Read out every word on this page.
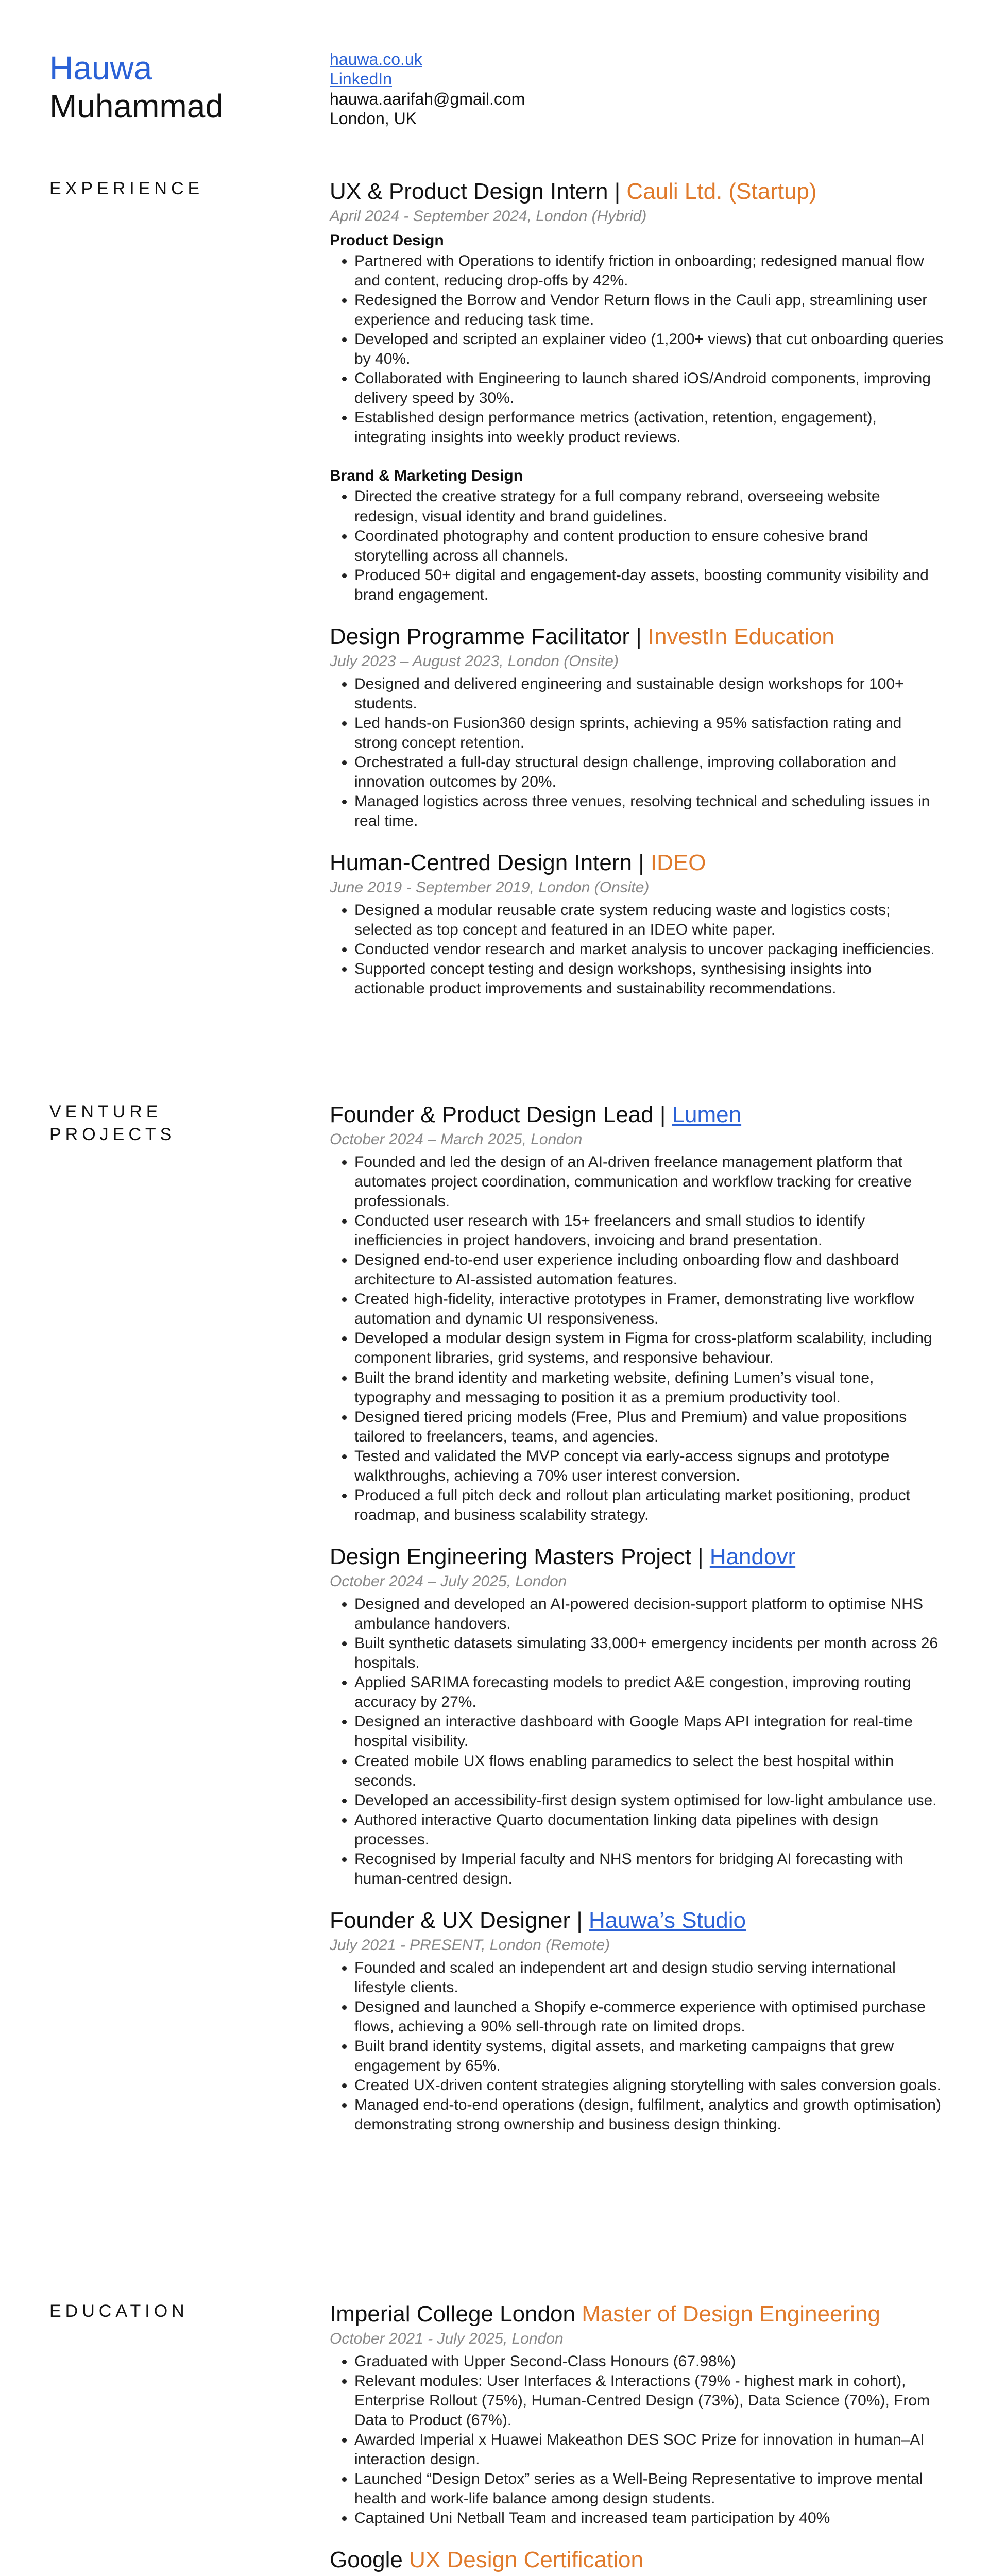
Hauwa
Muhammad
hauwa.co.uk
LinkedIn
hauwa.aarifah@gmail.com
London, UK
EXPERIENCE	UX & Product Design Intern | Cauli Ltd. (Startup)
April 2024 - September 2024, London (Hybrid)
Product Design
• Partnered with Operations to identify friction in onboarding; redesigned manual flow and content, reducing drop-offs by 42%.
• Redesigned the Borrow and Vendor Return flows in the Cauli app, streamlining user experience and reducing task time.
• Developed and scripted an explainer video (1,200+ views) that cut onboarding queries by 40%.
• Collaborated with Engineering to launch shared iOS/Android components, improving delivery speed by 30%.
• Established design performance metrics (activation, retention, engagement), integrating insights into weekly product reviews.
Brand & Marketing Design
• Directed the creative strategy for a full company rebrand, overseeing website redesign, visual identity and brand guidelines.
• Coordinated photography and content production to ensure cohesive brand storytelling across all channels.
• Produced 50+ digital and engagement-day assets, boosting community visibility and brand engagement.
Design Programme Facilitator | InvestIn Education
July 2023 – August 2023, London (Onsite)
• Designed and delivered engineering and sustainable design workshops for 100+ students.
• Led hands-on Fusion360 design sprints, achieving a 95% satisfaction rating and strong concept retention.
• Orchestrated a full-day structural design challenge, improving collaboration and innovation outcomes by 20%.
• Managed logistics across three venues, resolving technical and scheduling issues in real time.
Human-Centred Design Intern | IDEO
June 2019 - September 2019, London (Onsite)
• Designed a modular reusable crate system reducing waste and logistics costs; selected as top concept and featured in an IDEO white paper.
• Conducted vendor research and market analysis to uncover packaging inefficiencies.
• Supported concept testing and design workshops, synthesising insights into actionable product improvements and sustainability recommendations.
VENTURE
PROJECTS
Founder & Product Design Lead | Lumen
October 2024 – March 2025, London
• Founded and led the design of an AI-driven freelance management platform that automates project coordination, communication and workflow tracking for creative professionals.
• Conducted user research with 15+ freelancers and small studios to identify inefficiencies in project handovers, invoicing and brand presentation.
• Designed end-to-end user experience including onboarding flow and dashboard architecture to AI-assisted automation features.
• Created high-fidelity, interactive prototypes in Framer, demonstrating live workflow automation and dynamic UI responsiveness.
• Developed a modular design system in Figma for cross-platform scalability, including component libraries, grid systems, and responsive behaviour.
• Built the brand identity and marketing website, defining Lumen’s visual tone, typography and messaging to position it as a premium productivity tool.
• Designed tiered pricing models (Free, Plus and Premium) and value propositions tailored to freelancers, teams, and agencies.
• Tested and validated the MVP concept via early-access signups and prototype walkthroughs, achieving a 70% user interest conversion.
• Produced a full pitch deck and rollout plan articulating market positioning, product roadmap, and business scalability strategy.
Design Engineering Masters Project | Handovr
October 2024 – July 2025, London
• Designed and developed an AI-powered decision-support platform to optimise NHS ambulance handovers.
• Built synthetic datasets simulating 33,000+ emergency incidents per month across 26 hospitals.
• Applied SARIMA forecasting models to predict A&E congestion, improving routing accuracy by 27%.
• Designed an interactive dashboard with Google Maps API integration for real-time hospital visibility.
• Created mobile UX flows enabling paramedics to select the best hospital within seconds.
• Developed an accessibility-first design system optimised for low-light ambulance use.
• Authored interactive Quarto documentation linking data pipelines with design processes.
• Recognised by Imperial faculty and NHS mentors for bridging AI forecasting with human-centred design.
Founder & UX Designer | Hauwa’s Studio
July 2021 - PRESENT, London (Remote)
• Founded and scaled an independent art and design studio serving international lifestyle clients.
• Designed and launched a Shopify e-commerce experience with optimised purchase flows, achieving a 90% sell-through rate on limited drops.
• Built brand identity systems, digital assets, and marketing campaigns that grew engagement by 65%.
• Created UX-driven content strategies aligning storytelling with sales conversion goals.
• Managed end-to-end operations (design, fulfilment, analytics and growth optimisation) demonstrating strong ownership and business design thinking.
EDUCATION	Imperial College London Master of Design Engineering
October 2021 - July 2025, London
• Graduated with Upper Second-Class Honours (67.98%)
• Relevant modules: User Interfaces & Interactions (79% - highest mark in cohort), Enterprise Rollout (75%), Human-Centred Design (73%), Data Science (70%), From Data to Product (67%).
• Awarded Imperial x Huawei Makeathon DES SOC Prize for innovation in human–AI interaction design.
• Launched “Design Detox” series as a Well-Being Representative to improve mental health and work-life balance among design students.
• Captained Uni Netball Team and increased team participation by 40%
Google UX Design Certification
